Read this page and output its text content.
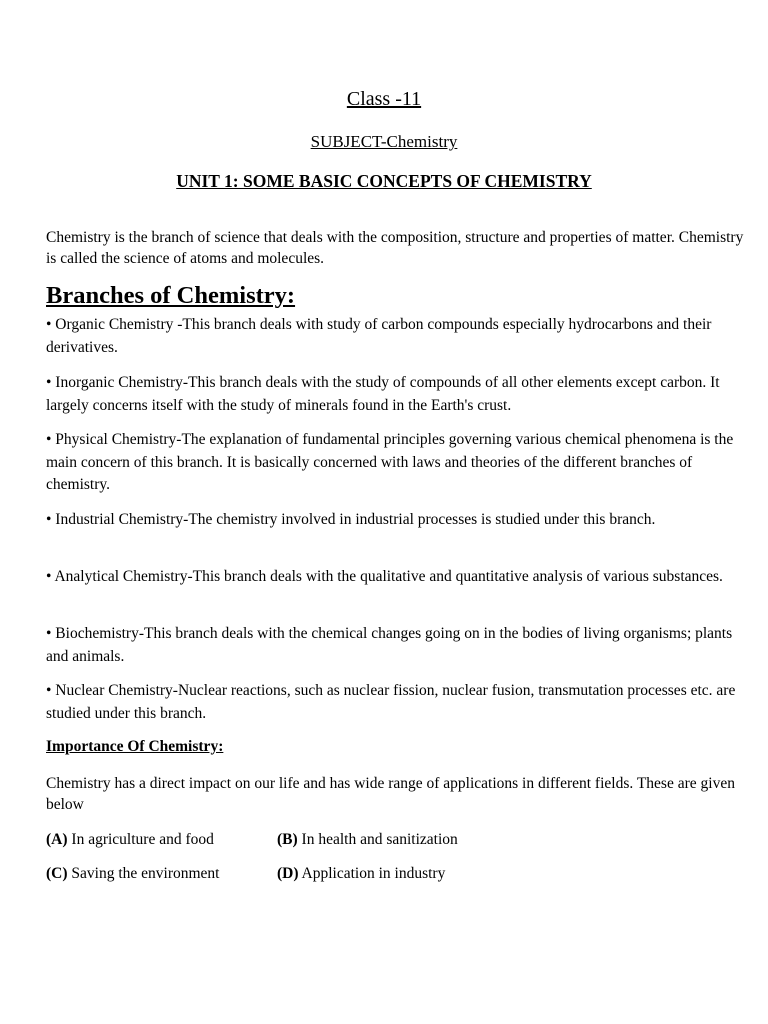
Class -11

SUBJECT-Chemistry

UNIT 1: SOME BASIC CONCEPTS OF CHEMISTRY

Chemistry is the branch of science that deals with the composition, structure and properties of matter. Chemistry is called the science of atoms and molecules.

Branches of Chemistry:

• Organic Chemistry -This branch deals with study of carbon compounds especially hydrocarbons and their derivatives.

• Inorganic Chemistry-This branch deals with the study of compounds of all other elements except carbon. It largely concerns itself with the study of minerals found in the Earth's crust.

• Physical Chemistry-The explanation of fundamental principles governing various chemical phenomena is the main concern of this branch. It is basically concerned with laws and theories of the different branches of chemistry.

• Industrial Chemistry-The chemistry involved in industrial processes is studied under this branch.

• Analytical Chemistry-This branch deals with the qualitative and quantitative analysis of various substances.

• Biochemistry-This branch deals with the chemical changes going on in the bodies of living organisms; plants and animals.

• Nuclear Chemistry-Nuclear reactions, such as nuclear fission, nuclear fusion, transmutation processes etc. are studied under this branch.

Importance Of Chemistry:

Chemistry has a direct impact on our life and has wide range of applications in different fields. These are given below

(A) In agriculture and food	(B) In health and sanitization

(C) Saving the environment	(D) Application in industry
